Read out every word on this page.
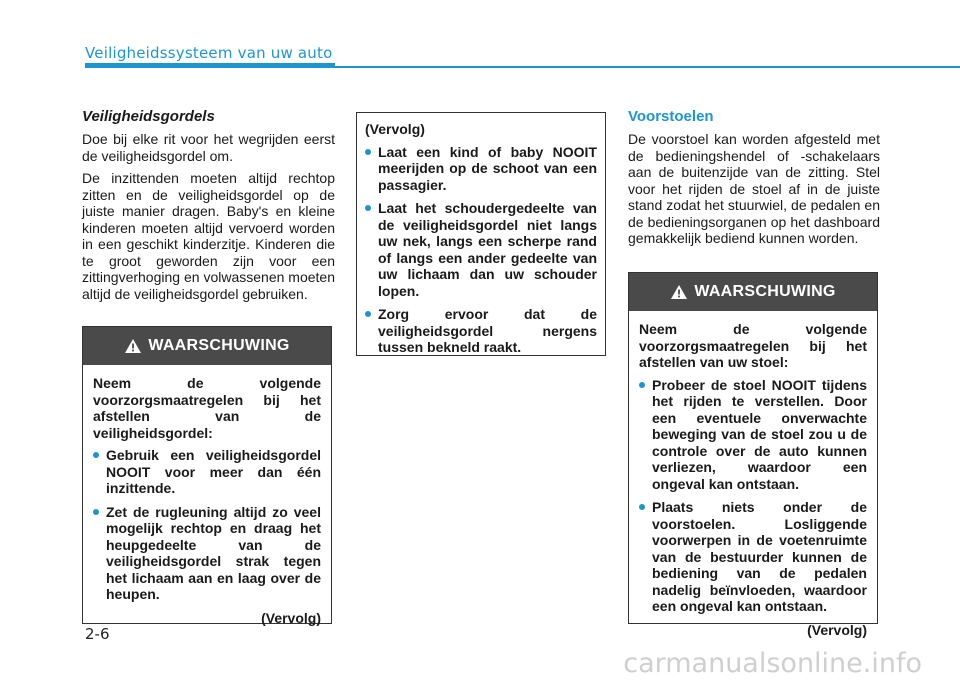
Veiligheidssysteem van uw auto
Veiligheidsgordels

Doe bij elke rit voor het wegrijden eerst de veiligheidsgordel om.

De inzittenden moeten altijd rechtop zitten en de veiligheidsgordel op de juiste manier dragen. Baby's en kleine kinderen moeten altijd vervoerd worden in een geschikt kinderzitje. Kinderen die te groot geworden zijn voor een zittingverhoging en volwassenen moeten altijd de veiligheidsgordel gebruiken.

WAARSCHUWING

Neem de volgende voorzorgsmaatregelen bij het afstellen van de veiligheidsgordel:

Gebruik een veiligheidsgordel NOOIT voor meer dan één inzittende.
Zet de rugleuning altijd zo veel mogelijk rechtop en draag het heupgedeelte van de veiligheidsgordel strak tegen het lichaam aan en laag over de heupen.
(Vervolg)

(Vervolg)

Laat een kind of baby NOOIT meerijden op de schoot van een passagier.
Laat het schoudergedeelte van de veiligheidsgordel niet langs uw nek, langs een scherpe rand of langs een ander gedeelte van uw lichaam dan uw schouder lopen.
Zorg ervoor dat de veiligheidsgordel nergens tussen bekneld raakt.
Voorstoelen

De voorstoel kan worden afgesteld met de bedieningshendel of -schakelaars aan de buitenzijde van de zitting. Stel voor het rijden de stoel af in de juiste stand zodat het stuurwiel, de pedalen en de bedieningsorganen op het dashboard gemakkelijk bediend kunnen worden.

WAARSCHUWING

Neem de volgende voorzorgsmaatregelen bij het afstellen van uw stoel:

Probeer de stoel NOOIT tijdens het rijden te verstellen. Door een eventuele onverwachte beweging van de stoel zou u de controle over de auto kunnen verliezen, waardoor een ongeval kan ontstaan.
Plaats niets onder de voorstoelen. Losliggende voorwerpen in de voetenruimte van de bestuurder kunnen de bediening van de pedalen nadelig beïnvloeden, waardoor een ongeval kan ontstaan.
(Vervolg)
2-6
carmanualsonline.info
